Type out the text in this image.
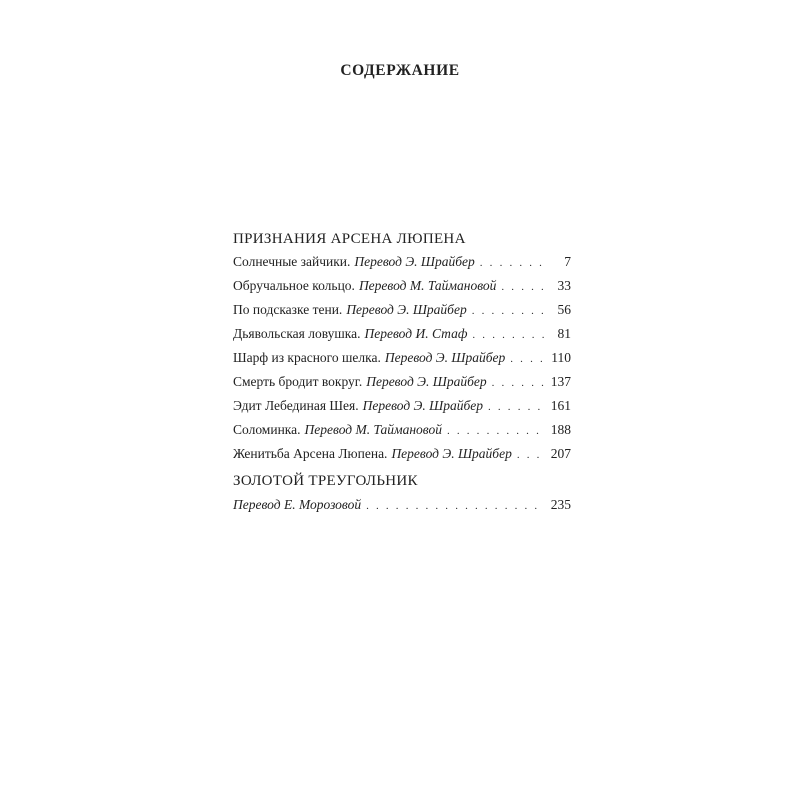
СОДЕРЖАНИЕ
ПРИЗНАНИЯ АРСЕНА ЛЮПЕНА
Солнечные зайчики. Перевод Э. Шрайбер . . .	7
Обручальное кольцо. Перевод М. Таймановой . . .	33
По подсказке тени. Перевод Э. Шрайбер . . .	56
Дьявольская ловушка. Перевод И. Стаф . . .	81
Шарф из красного шелка. Перевод Э. Шрайбер . . .	110
Смерть бродит вокруг. Перевод Э. Шрайбер . . .	137
Эдит Лебединая Шея. Перевод Э. Шрайбер . . .	161
Соломинка. Перевод М. Таймановой . . .	188
Женитьба Арсена Люпена. Перевод Э. Шрайбер . . .	207
ЗОЛОТОЙ ТРЕУГОЛЬНИК
Перевод Е. Морозовой . . .	235
